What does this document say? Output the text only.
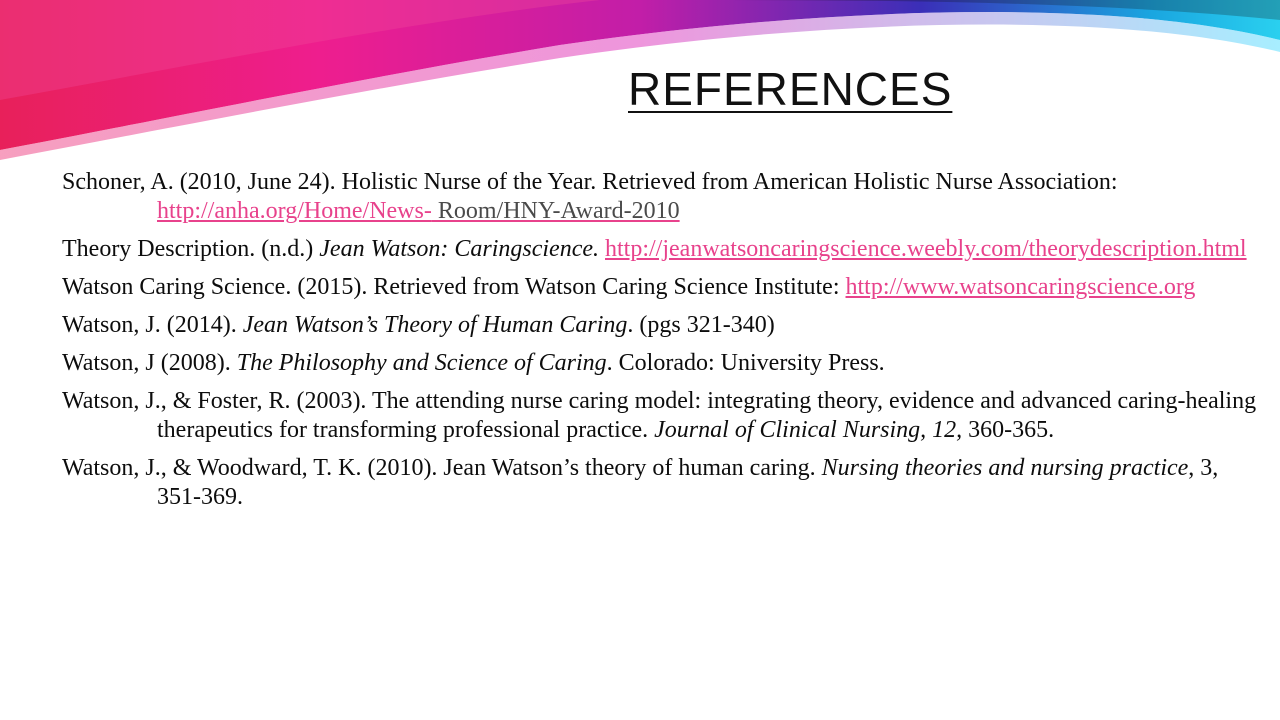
REFERENCES
Schoner, A. (2010, June 24). Holistic Nurse of the Year. Retrieved from American Holistic Nurse Association: http://anha.org/Home/News- Room/HNY-Award-2010
Theory Description. (n.d.) Jean Watson: Caringscience. http://jeanwatsoncaringscience.weebly.com/theorydescription.html
Watson Caring Science. (2015). Retrieved from Watson Caring Science Institute: http://www.watsoncaringscience.org
Watson, J. (2014). Jean Watson’s Theory of Human Caring. (pgs 321-340)
Watson, J (2008). The Philosophy and Science of Caring. Colorado: University Press.
Watson, J., & Foster, R. (2003). The attending nurse caring model: integrating theory, evidence and advanced caring-healing therapeutics for transforming professional practice. Journal of Clinical Nursing, 12, 360-365.
Watson, J., & Woodward, T. K. (2010). Jean Watson’s theory of human caring. Nursing theories and nursing practice, 3, 351-369.
